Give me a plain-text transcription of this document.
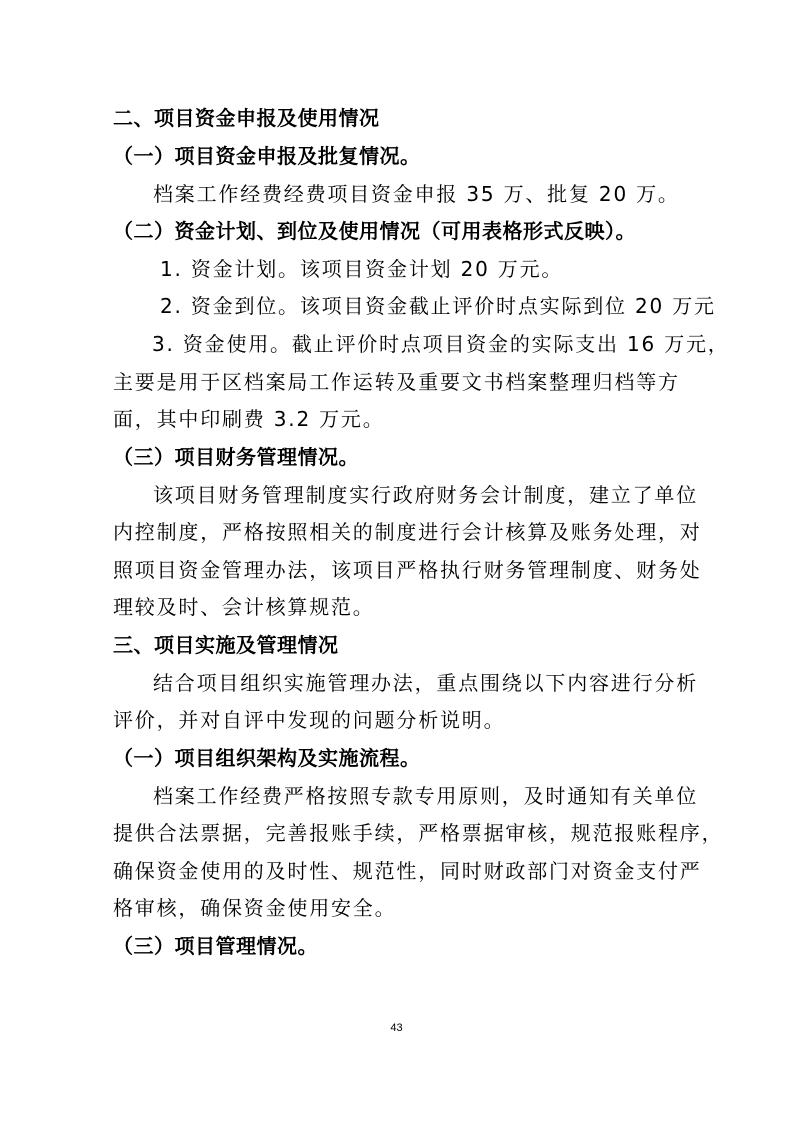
二、项目资金申报及使用情况
（一）项目资金申报及批复情况。
档案工作经费经费项目资金申报 35 万、批复 20 万。
（二）资金计划、到位及使用情况（可用表格形式反映）。
1. 资金计划。该项目资金计划 20 万元。
2. 资金到位。该项目资金截止评价时点实际到位 20 万元
3. 资金使用。截止评价时点项目资金的实际支出 16 万元，
主要是用于区档案局工作运转及重要文书档案整理归档等方
面，其中印刷费 3.2 万元。
（三）项目财务管理情况。
该项目财务管理制度实行政府财务会计制度，建立了单位
内控制度，严格按照相关的制度进行会计核算及账务处理，对
照项目资金管理办法，该项目严格执行财务管理制度、财务处
理较及时、会计核算规范。
三、项目实施及管理情况
结合项目组织实施管理办法，重点围绕以下内容进行分析
评价，并对自评中发现的问题分析说明。
（一）项目组织架构及实施流程。
档案工作经费严格按照专款专用原则，及时通知有关单位
提供合法票据，完善报账手续，严格票据审核，规范报账程序，
确保资金使用的及时性、规范性，同时财政部门对资金支付严
格审核，确保资金使用安全。
（三）项目管理情况。
43
